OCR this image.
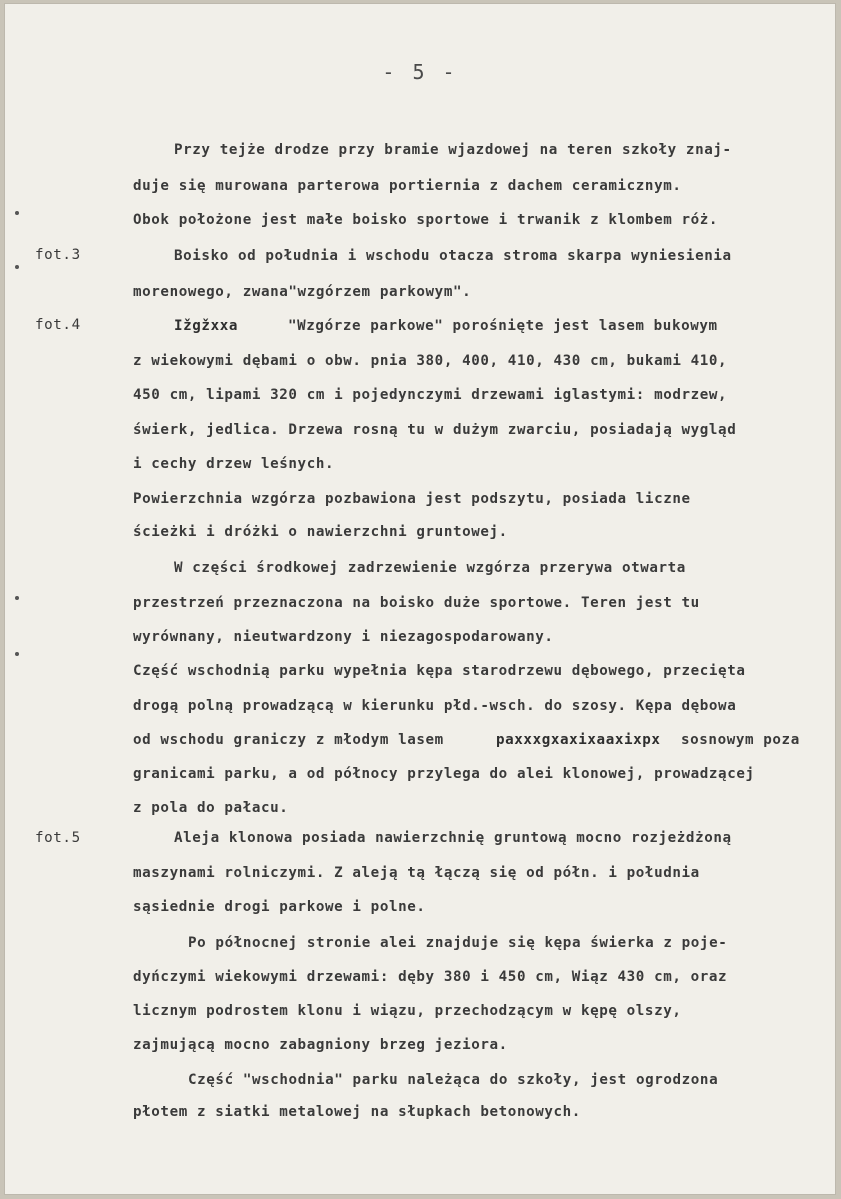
- 5 -
fot.3
fot.4
fot.5
Przy tejże drodze przy bramie wjazdowej na teren szkoły znaj-
duje się murowana parterowa portiernia z dachem ceramicznym.
Obok położone jest małe boisko sportowe i trwanik z klombem róż.
Boisko od południa i wschodu otacza stroma skarpa wyniesienia
morenowego, zwana"wzgórzem parkowym".
Ižgžxxa	"Wzgórze parkowe" porośnięte jest lasem bukowym
z wiekowymi dębami o obw. pnia 380, 400, 410, 430 cm, bukami 410,
450 cm, lipami 320 cm i pojedynczymi drzewami iglastymi: modrzew,
świerk, jedlica. Drzewa rosną tu w dużym zwarciu, posiadają wygląd
i cechy drzew leśnych.
Powierzchnia wzgórza pozbawiona jest podszytu, posiada liczne
ścieżki i dróżki o nawierzchni gruntowej.
W części środkowej zadrzewienie wzgórza przerywa otwarta
przestrzeń przeznaczona na boisko duże sportowe. Teren jest tu
wyrównany, nieutwardzony i niezagospodarowany.
Część wschodnią parku wypełnia kępa starodrzewu dębowego, przecięta
drogą polną prowadzącą w kierunku płd.-wsch. do szosy. Kępa dębowa
od wschodu graniczy z młodym lasem	paxxxgxaxixaaxixpx sosnowym poza
granicami parku, a od północy przylega do alei klonowej, prowadzącej
z pola do pałacu.
Aleja klonowa posiada nawierzchnię gruntową mocno rozjeżdżoną
maszynami rolniczymi. Z aleją tą łączą się od półn. i południa
sąsiednie drogi parkowe i polne.
Po północnej stronie alei znajduje się kępa świerka z poje-
dyńczymi wiekowymi drzewami: dęby 380 i 450 cm, Wiąz 430 cm, oraz
licznym podrostem klonu i wiązu, przechodzącym w kępę olszy,
zajmującą mocno zabagniony brzeg jeziora.
Część "wschodnia" parku należąca do szkoły, jest ogrodzona
płotem z siatki metalowej na słupkach betonowych.
